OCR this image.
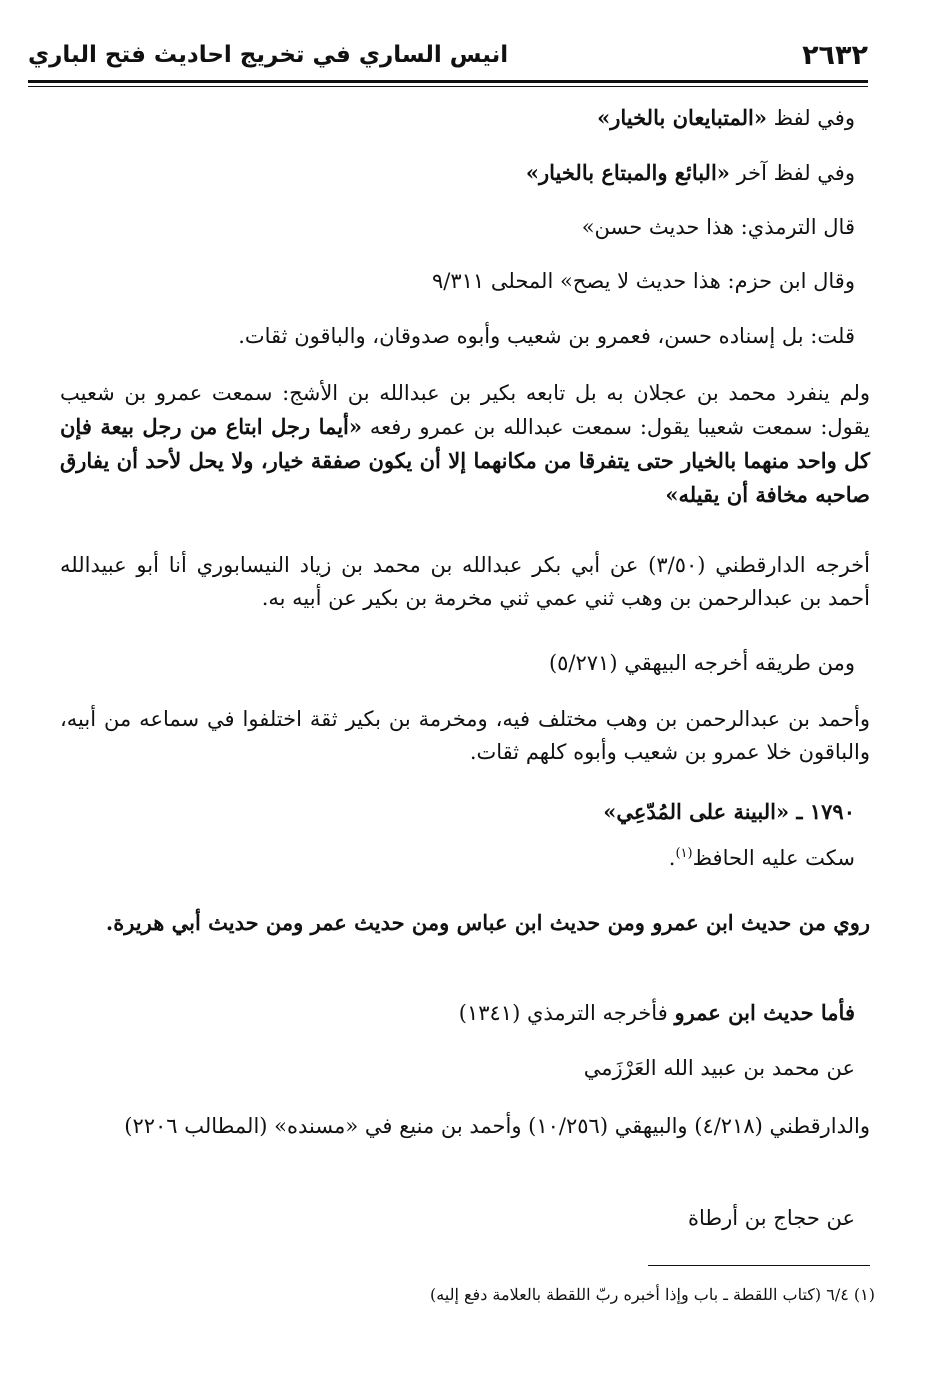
٢٦٣٢
انيس الساري في تخريج احاديث فتح الباري
وفي لفظ «المتبايعان بالخيار»
وفي لفظ آخر «البائع والمبتاع بالخيار»
قال الترمذي: هذا حديث حسن»
وقال ابن حزم: هذا حديث لا يصح» المحلى ٩/٣١١
قلت: بل إسناده حسن، فعمرو بن شعيب وأبوه صدوقان، والباقون ثقات.
ولم ينفرد محمد بن عجلان به بل تابعه بكير بن عبدالله بن الأشج: سمعت عمرو بن شعيب يقول: سمعت شعيبا يقول: سمعت عبدالله بن عمرو رفعه «أيما رجل ابتاع من رجل بيعة فإن كل واحد منهما بالخيار حتى يتفرقا من مكانهما إلا أن يكون صفقة خيار، ولا يحل لأحد أن يفارق صاحبه مخافة أن يقيله»
أخرجه الدارقطني (٣/٥٠) عن أبي بكر عبدالله بن محمد بن زياد النيسابوري أنا أبو عبيدالله أحمد بن عبدالرحمن بن وهب ثني عمي ثني مخرمة بن بكير عن أبيه به.
ومن طريقه أخرجه البيهقي (٥/٢٧١)
وأحمد بن عبدالرحمن بن وهب مختلف فيه، ومخرمة بن بكير ثقة اختلفوا في سماعه من أبيه، والباقون خلا عمرو بن شعيب وأبوه كلهم ثقات.
١٧٩٠ ـ «البينة على المُدّعِي»
سكت عليه الحافظ$^{(١)}$.
روي من حديث ابن عمرو ومن حديث ابن عباس ومن حديث عمر ومن حديث أبي هريرة.
فأما حديث ابن عمرو فأخرجه الترمذي (١٣٤١)
عن محمد بن عبيد الله العَرْزَمي
والدارقطني (٤/٢١٨) والبيهقي (١٠/٢٥٦) وأحمد بن منيع في «مسنده» (المطالب ٢٢٠٦)
عن حجاج بن أرطاة
(١) ٦/٤ (كتاب اللقطة ـ باب وإذا أخبره ربّ اللقطة بالعلامة دفع إليه)
